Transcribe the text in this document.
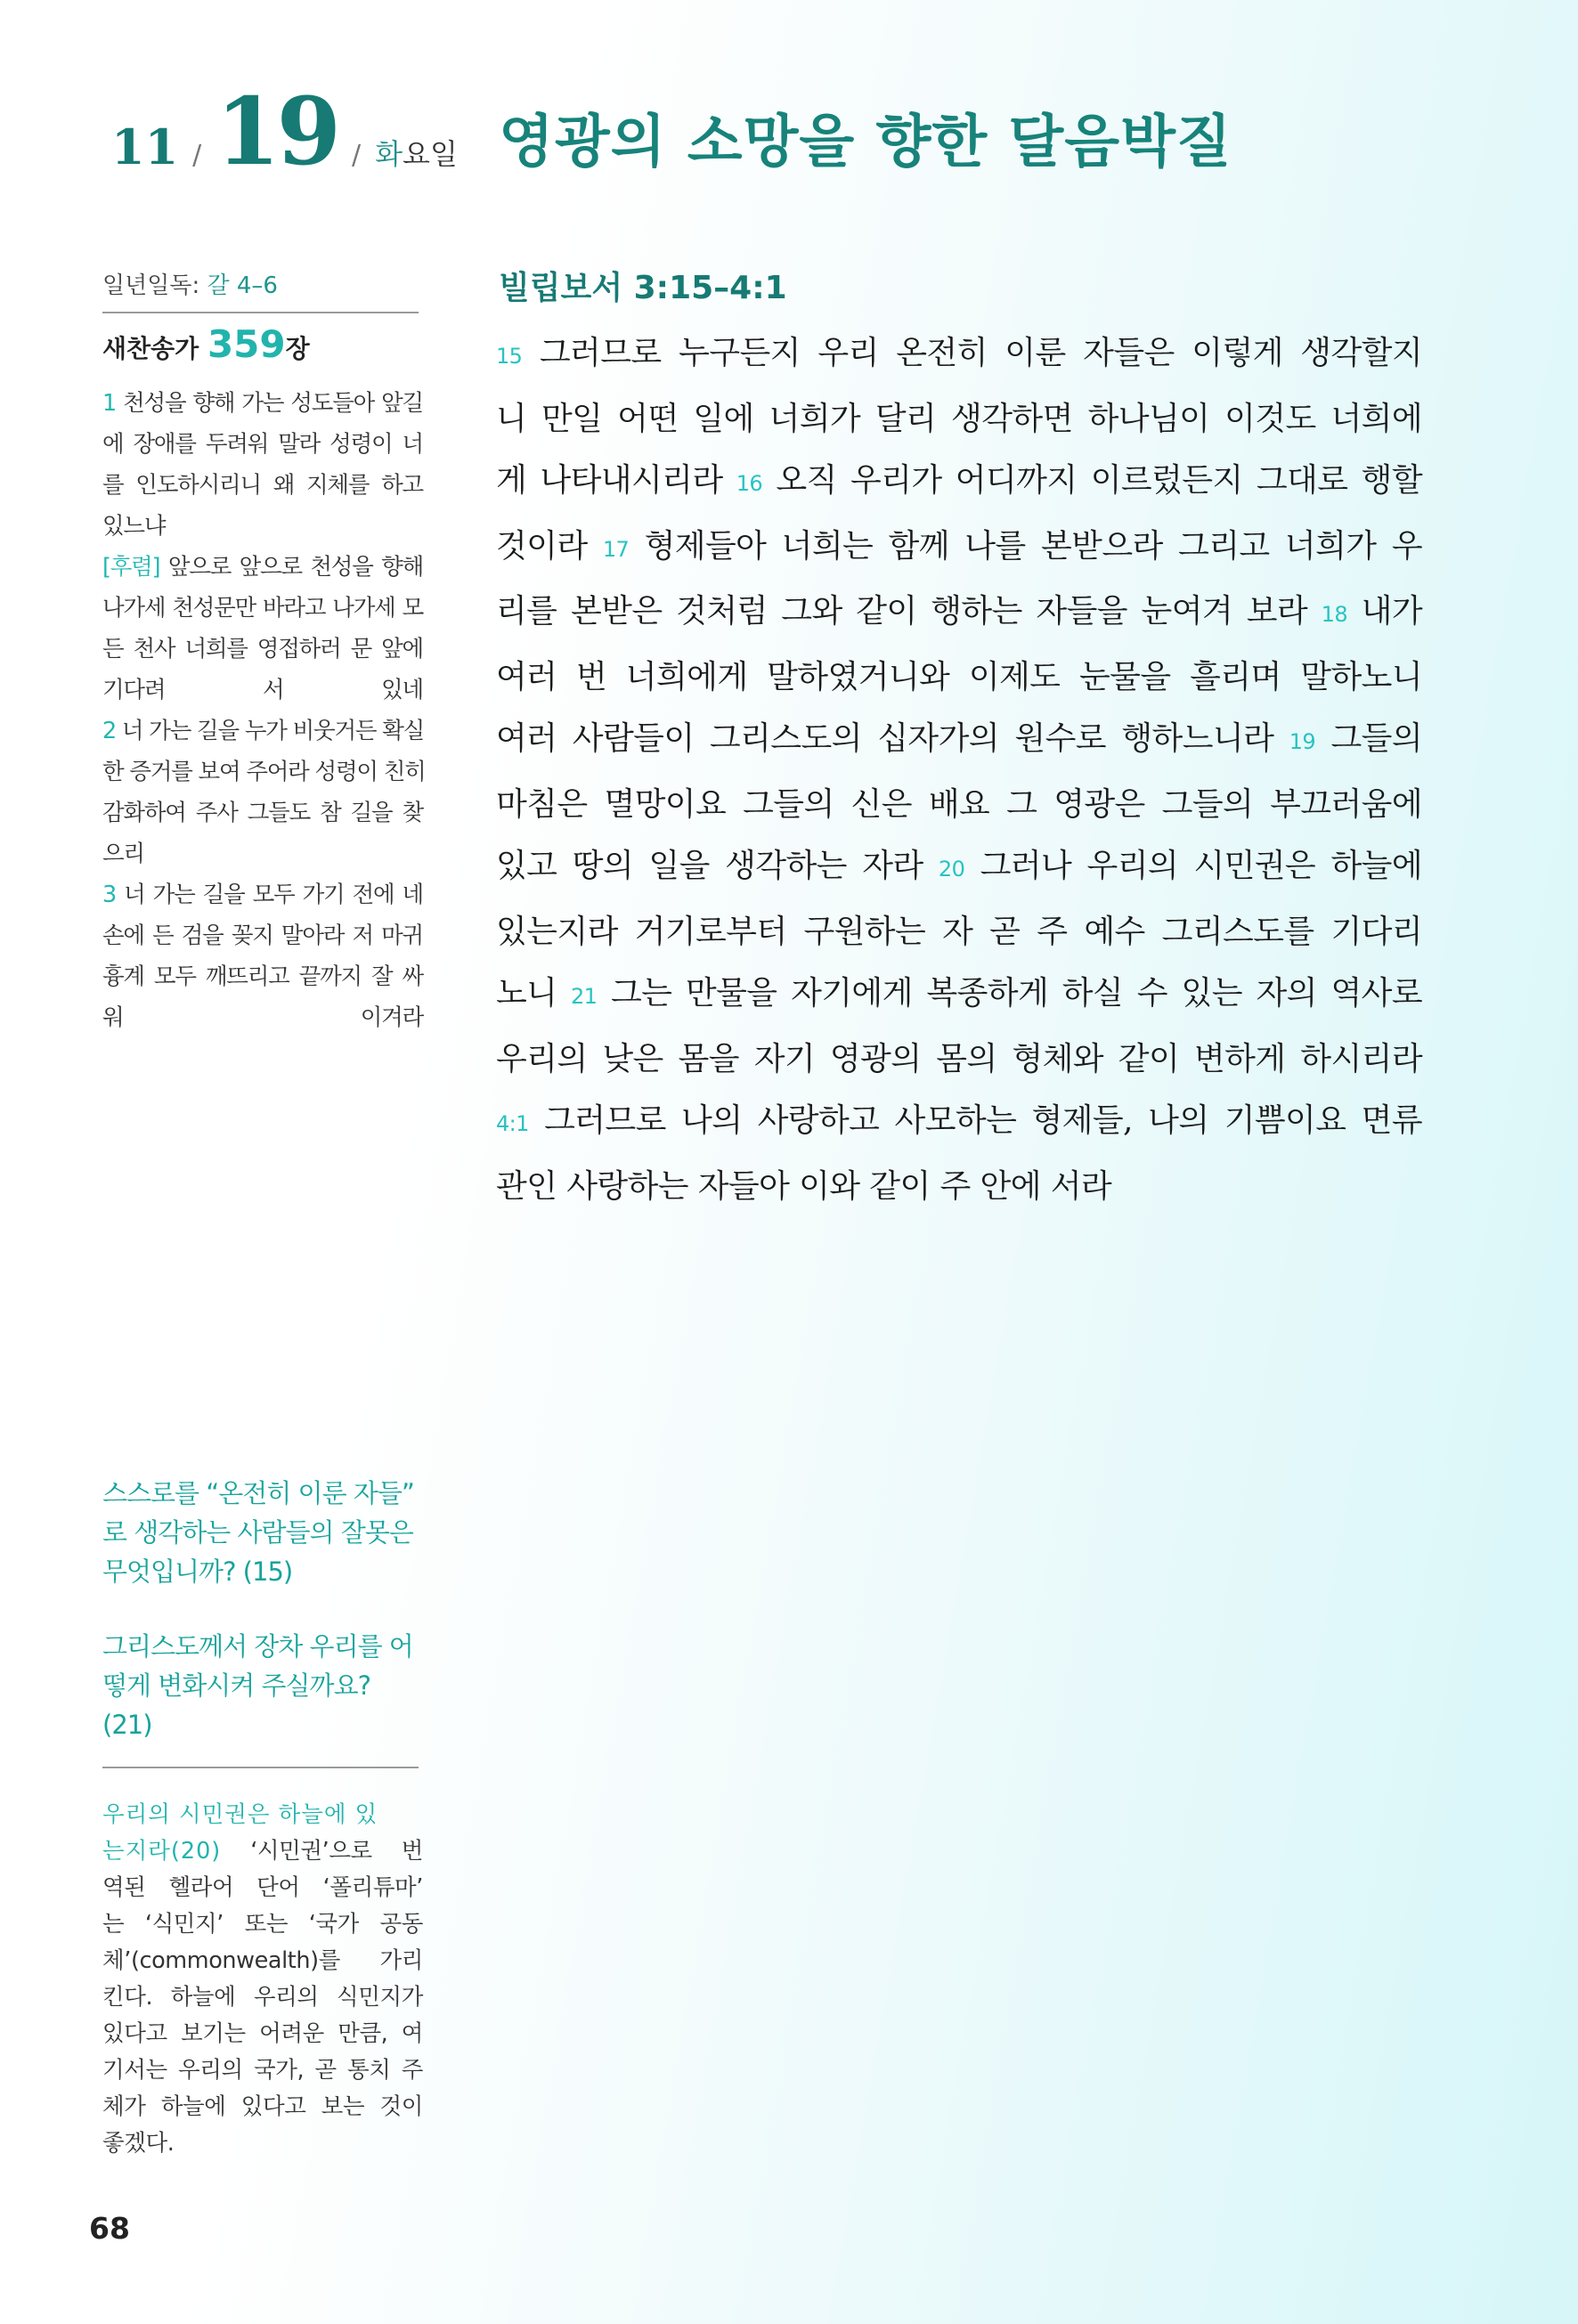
11 / 19 / 화요일 영광의 소망을 향한 달음박질
일년일독: 갈 4–6
새찬송가 359장
1 천성을 향해 가는 성도들아 앞길
에 장애를 두려워 말라 성령이 너
를 인도하시리니 왜 지체를 하고
있느냐
[후렴] 앞으로 앞으로 천성을 향해
나가세 천성문만 바라고 나가세 모
든 천사 너희를 영접하러 문 앞에
기다려 서 있네
2 너 가는 길을 누가 비웃거든 확실
한 증거를 보여 주어라 성령이 친히
감화하여 주사 그들도 참 길을 찾
으리
3 너 가는 길을 모두 가기 전에 네
손에 든 검을 꽂지 말아라 저 마귀
흉계 모두 깨뜨리고 끝까지 잘 싸
워 이겨라

스스로를 “온전히 이룬 자들”
로 생각하는 사람들의 잘못은
무엇입니까? (15)

그리스도께서 장차 우리를 어
떻게 변화시켜 주실까요? (21)

우리의 시민권은 하늘에 있
는지라(20) ‘시민권’으로 번
역된 헬라어 단어 ‘폴리튜마’
는 ‘식민지’ 또는 ‘국가 공동
체’(commonwealth)를 가리
킨다. 하늘에 우리의 식민지가
있다고 보기는 어려운 만큼, 여
기서는 우리의 국가, 곧 통치 주
체가 하늘에 있다고 보는 것이
좋겠다.
68
빌립보서 3:15–4:1
15 그러므로 누구든지 우리 온전히 이룬 자들은 이렇게 생각할지
니 만일 어떤 일에 너희가 달리 생각하면 하나님이 이것도 너희에
게 나타내시리라 16 오직 우리가 어디까지 이르렀든지 그대로 행할
것이라 17 형제들아 너희는 함께 나를 본받으라 그리고 너희가 우
리를 본받은 것처럼 그와 같이 행하는 자들을 눈여겨 보라 18 내가
여러 번 너희에게 말하였거니와 이제도 눈물을 흘리며 말하노니
여러 사람들이 그리스도의 십자가의 원수로 행하느니라 19 그들의
마침은 멸망이요 그들의 신은 배요 그 영광은 그들의 부끄러움에
있고 땅의 일을 생각하는 자라 20 그러나 우리의 시민권은 하늘에
있는지라 거기로부터 구원하는 자 곧 주 예수 그리스도를 기다리
노니 21 그는 만물을 자기에게 복종하게 하실 수 있는 자의 역사로
우리의 낮은 몸을 자기 영광의 몸의 형체와 같이 변하게 하시리라
4:1 그러므로 나의 사랑하고 사모하는 형제들, 나의 기쁨이요 면류
관인 사랑하는 자들아 이와 같이 주 안에 서라
